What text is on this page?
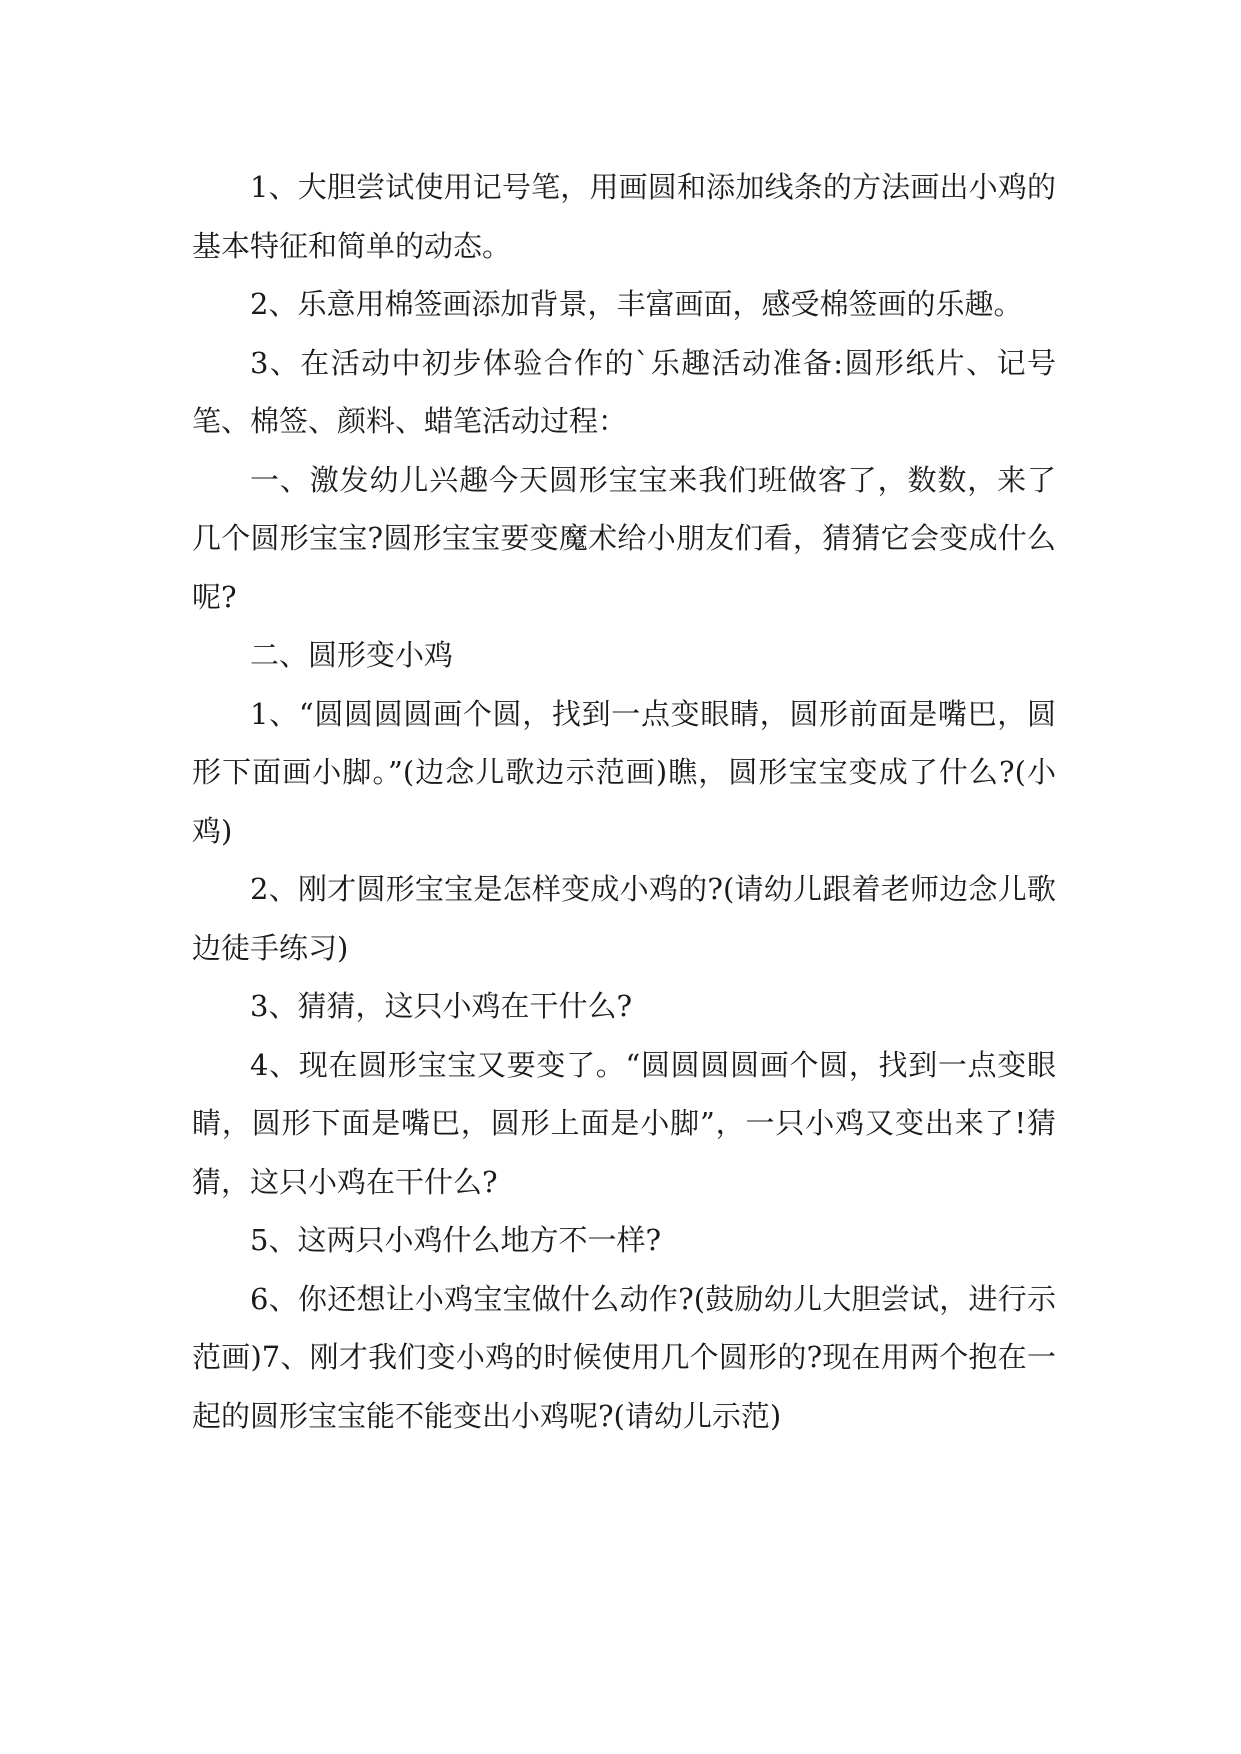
1、大胆尝试使用记号笔，用画圆和添加线条的方法画出小鸡的基本特征和简单的动态。

2、乐意用棉签画添加背景，丰富画面，感受棉签画的乐趣。

3、在活动中初步体验合作的`乐趣活动准备:圆形纸片、记号笔、棉签、颜料、蜡笔活动过程：

一、激发幼儿兴趣今天圆形宝宝来我们班做客了，数数，来了几个圆形宝宝?圆形宝宝要变魔术给小朋友们看，猜猜它会变成什么呢?

二、圆形变小鸡

1、“圆圆圆圆画个圆，找到一点变眼睛，圆形前面是嘴巴，圆形下面画小脚。”(边念儿歌边示范画)瞧，圆形宝宝变成了什么?(小鸡)

2、刚才圆形宝宝是怎样变成小鸡的?(请幼儿跟着老师边念儿歌边徒手练习)

3、猜猜，这只小鸡在干什么?

4、现在圆形宝宝又要变了。“圆圆圆圆画个圆，找到一点变眼睛，圆形下面是嘴巴，圆形上面是小脚”，一只小鸡又变出来了!猜猜，这只小鸡在干什么?

5、这两只小鸡什么地方不一样?

6、你还想让小鸡宝宝做什么动作?(鼓励幼儿大胆尝试，进行示范画)7、刚才我们变小鸡的时候使用几个圆形的?现在用两个抱在一起的圆形宝宝能不能变出小鸡呢?(请幼儿示范)
